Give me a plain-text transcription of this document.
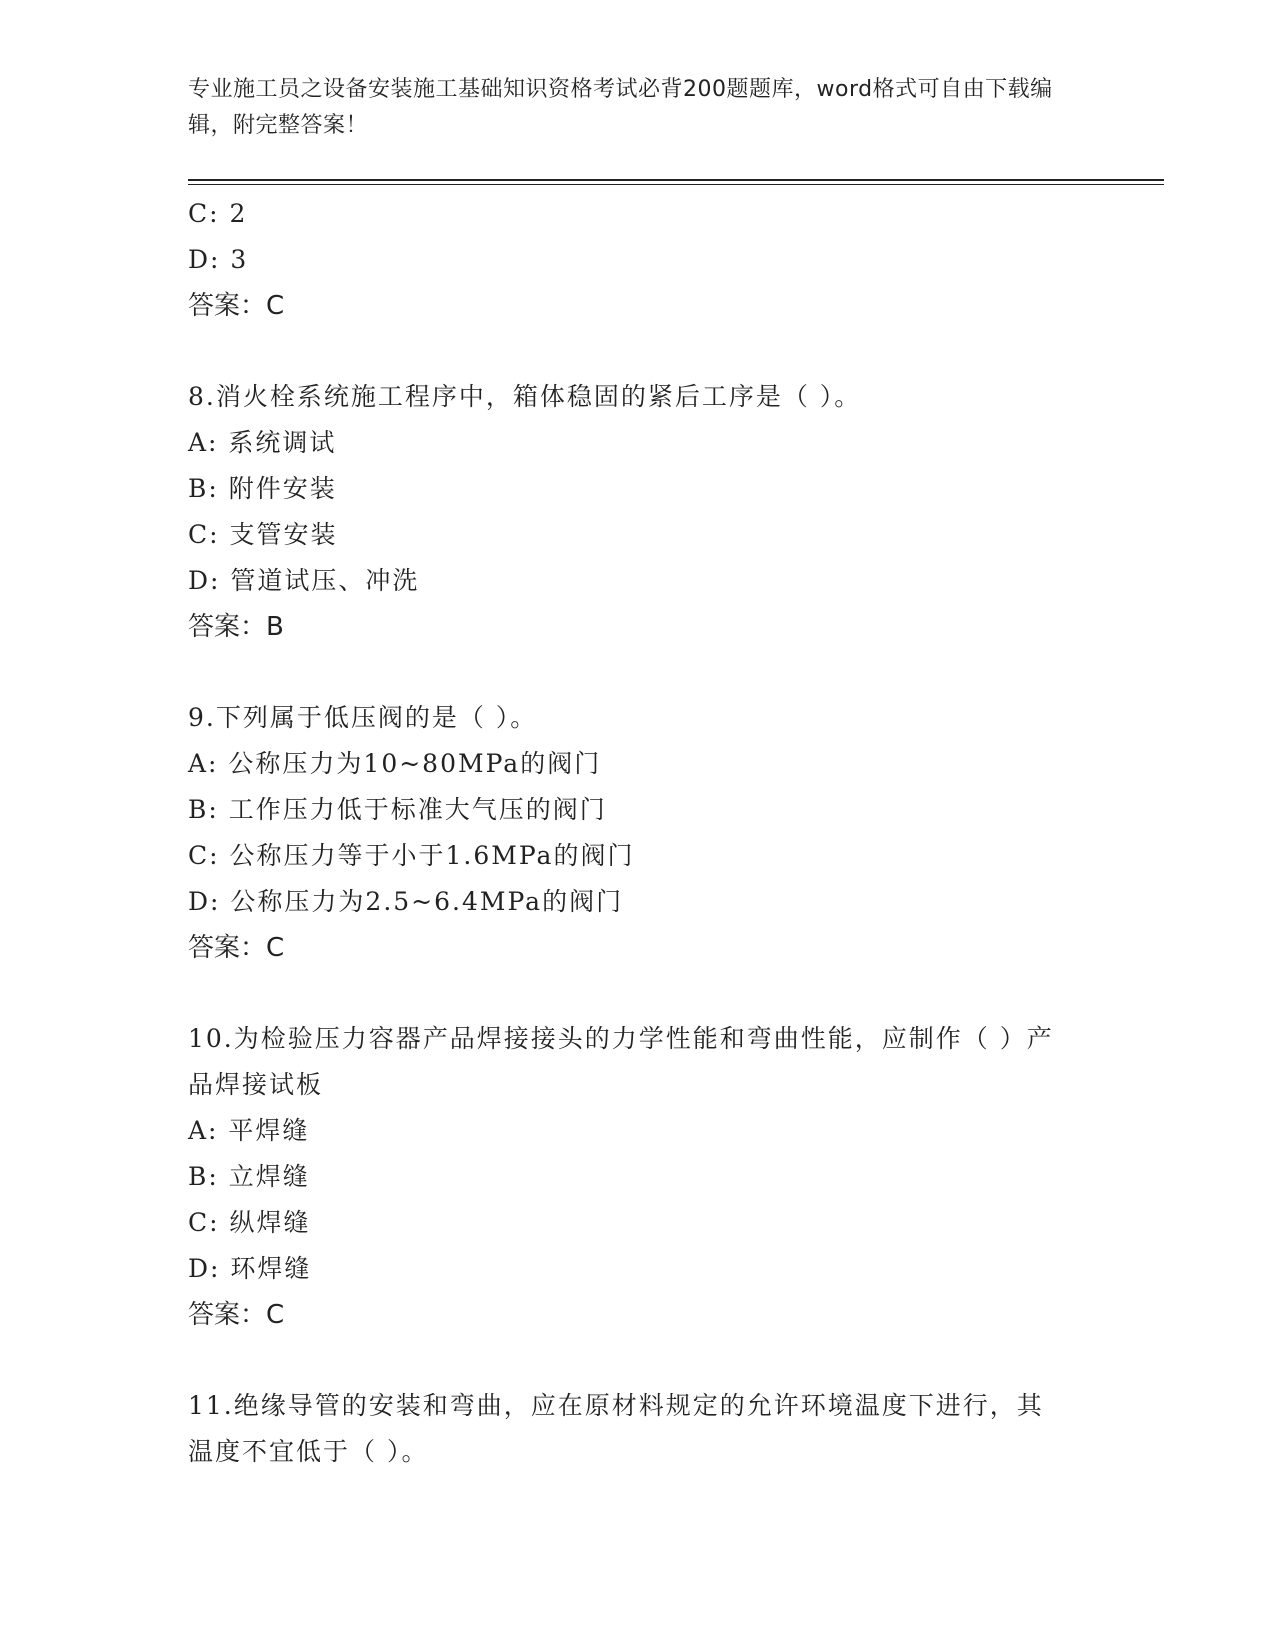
专业施工员之设备安装施工基础知识资格考试必背200题题库，word格式可自由下载编辑，附完整答案！
C: 2
D: 3
答案：C
8.消火栓系统施工程序中，箱体稳固的紧后工序是（ ）。
A: 系统调试
B: 附件安装
C: 支管安装
D: 管道试压、冲洗
答案：B
9.下列属于低压阀的是（ ）。
A: 公称压力为10~80MPa的阀门
B: 工作压力低于标准大气压的阀门
C: 公称压力等于小于1.6MPa的阀门
D: 公称压力为2.5~6.4MPa的阀门
答案：C
10.为检验压力容器产品焊接接头的力学性能和弯曲性能，应制作（ ）产品焊接试板
A: 平焊缝
B: 立焊缝
C: 纵焊缝
D: 环焊缝
答案：C
11.绝缘导管的安装和弯曲，应在原材料规定的允许环境温度下进行，其温度不宜低于（ ）。
